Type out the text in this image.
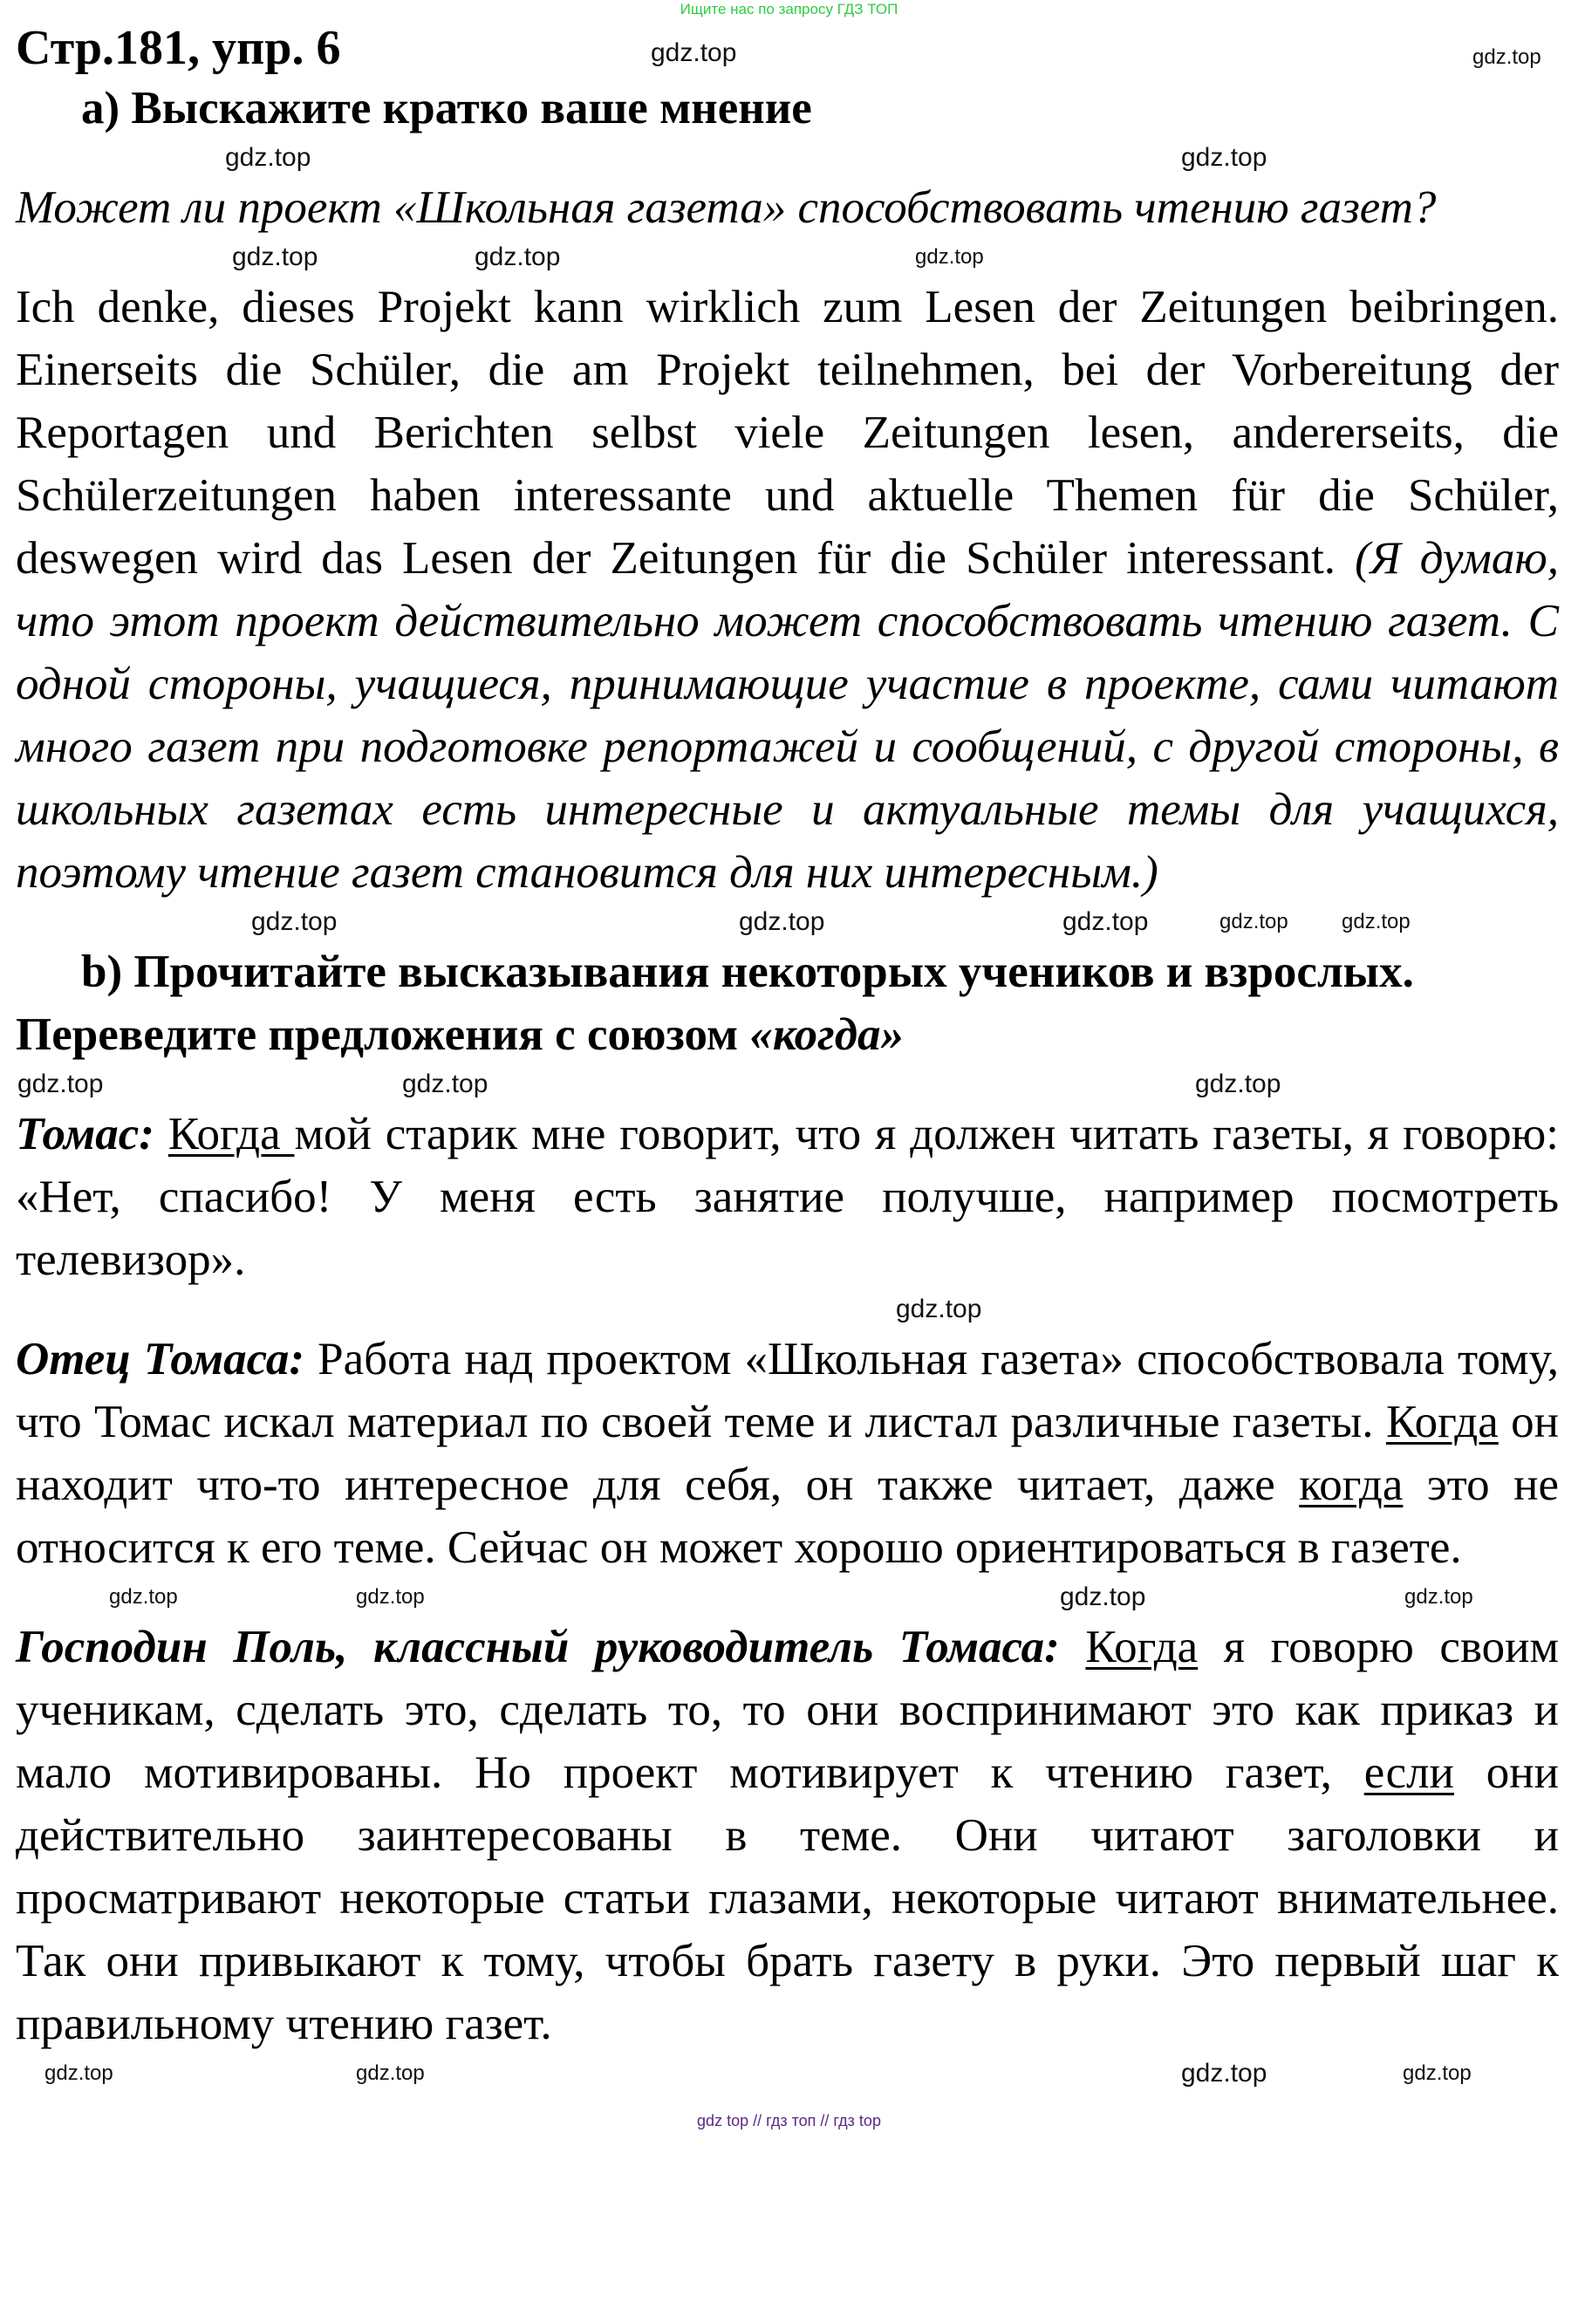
Ищите нас по запросу ГДЗ ТОП
Стр.181, упр. 6	gdz.top	gdz.top
а) Выскажите кратко ваше мнение
gdz.top	gdz.top
Может ли проект «Школьная газета» способствовать чтению газет?
gdz.top	gdz.top	gdz.top
Ich denke, dieses Projekt kann wirklich zum Lesen der Zeitungen beibringen. Einerseits die Schüler, die am Projekt teilnehmen, bei der Vorbereitung der Reportagen und Berichten selbst viele Zeitungen lesen, andererseits, die Schülerzeitungen haben interessante und aktuelle Themen für die Schüler, deswegen wird das Lesen der Zeitungen für die Schüler interessant. (Я думаю, что этот проект действительно может способствовать чтению газет. С одной стороны, учащиеся, принимающие участие в проекте, сами читают много газет при подготовке репортажей и сообщений, с другой стороны, в школьных газетах есть интересные и актуальные темы для учащихся, поэтому чтение газет становится для них интересным.)
gdz.top	gdz.top	gdz.top	gdz.top	gdz.top
b) Прочитайте высказывания некоторых учеников и взрослых.
Переведите предложения с союзом «когда»
gdz.top	gdz.top	gdz.top
Томас: Когда мой старик мне говорит, что я должен читать газеты, я говорю: «Нет, спасибо! У меня есть занятие получше, например посмотреть телевизор».
gdz.top
Отец Томаса: Работа над проектом «Школьная газета» способствовала тому, что Томас искал материал по своей теме и листал различные газеты. Когда он находит что-то интересное для себя, он также читает, даже когда это не относится к его теме. Сейчас он может хорошо ориентироваться в газете.
gdz.top	gdz.top	gdz.top	gdz.top
Господин Поль, классный руководитель Томаса: Когда я говорю своим ученикам, сделать это, сделать то, то они воспринимают это как приказ и мало мотивированы. Но проект мотивирует к чтению газет, если они действительно заинтересованы в теме. Они читают заголовки и просматривают некоторые статьи глазами, некоторые читают внимательнее. Так они привыкают к тому, чтобы брать газету в руки. Это первый шаг к правильному чтению газет.
gdz.top	gdz.top	gdz.top	gdz.top
gdz top // гдз топ // гдз top
